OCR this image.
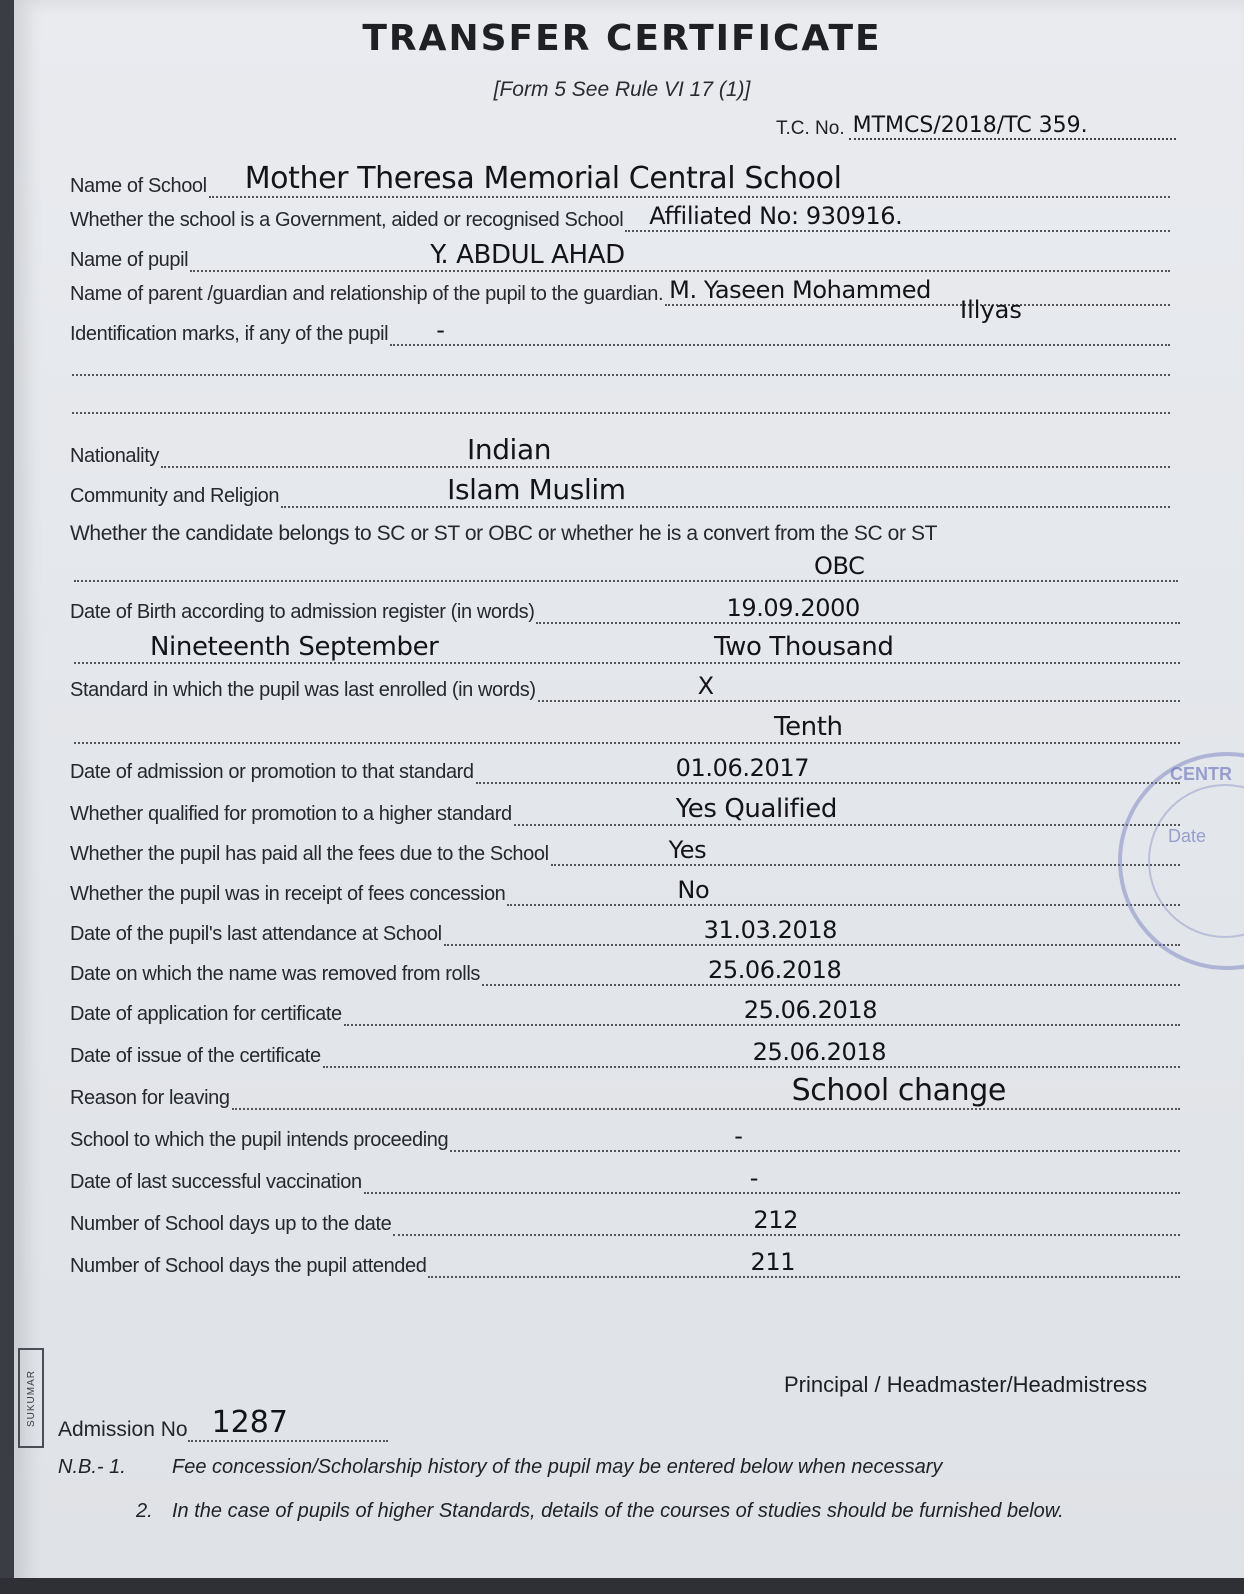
TRANSFER CERTIFICATE
[Form 5 See Rule VI 17 (1)]
T.C. No. MTMCS/2018/TC 359.
Name of School Mother Theresa Memorial Central School
Whether the school is a Government, aided or recognised School Affiliated No: 930916.
Name of pupil	Y. ABDUL AHAD
Name of parent /guardian and relationship of the pupil to the guardian. M. Yaseen Mohammed
Illyas
Identification marks, if any of the pupil -
Nationality	Indian
Community and Religion	Islam Muslim
Whether the candidate belongs to SC or ST or OBC or whether he is a convert from the SC or ST
OBC
Date of Birth according to admission register (in words)	19.09.2000
Nineteenth September	Two Thousand
Standard in which the pupil was last enrolled (in words)	X
Tenth
Date of admission or promotion to that standard	01.06.2017
Whether qualified for promotion to a higher standard	Yes Qualified
Whether the pupil has paid all the fees due to the School	Yes
Whether the pupil was in receipt of fees concession	No
Date of the pupil's last attendance at School	31.03.2018
Date on which the name was removed from rolls	25.06.2018
Date of application for certificate	25.06.2018
Date of issue of the certificate	25.06.2018
Reason for leaving	School change
School to which the pupil intends proceeding	-
Date of last successful vaccination	-
Number of School days up to the date	212
Number of School days the pupil attended	211
CENTR
Date
SUKUMAR	Principal / Headmaster/Headmistress
Admission No 1287
N.B.- 1. Fee concession/Scholarship history of the pupil may be entered below when necessary
2. In the case of pupils of higher Standards, details of the courses of studies should be furnished below.
